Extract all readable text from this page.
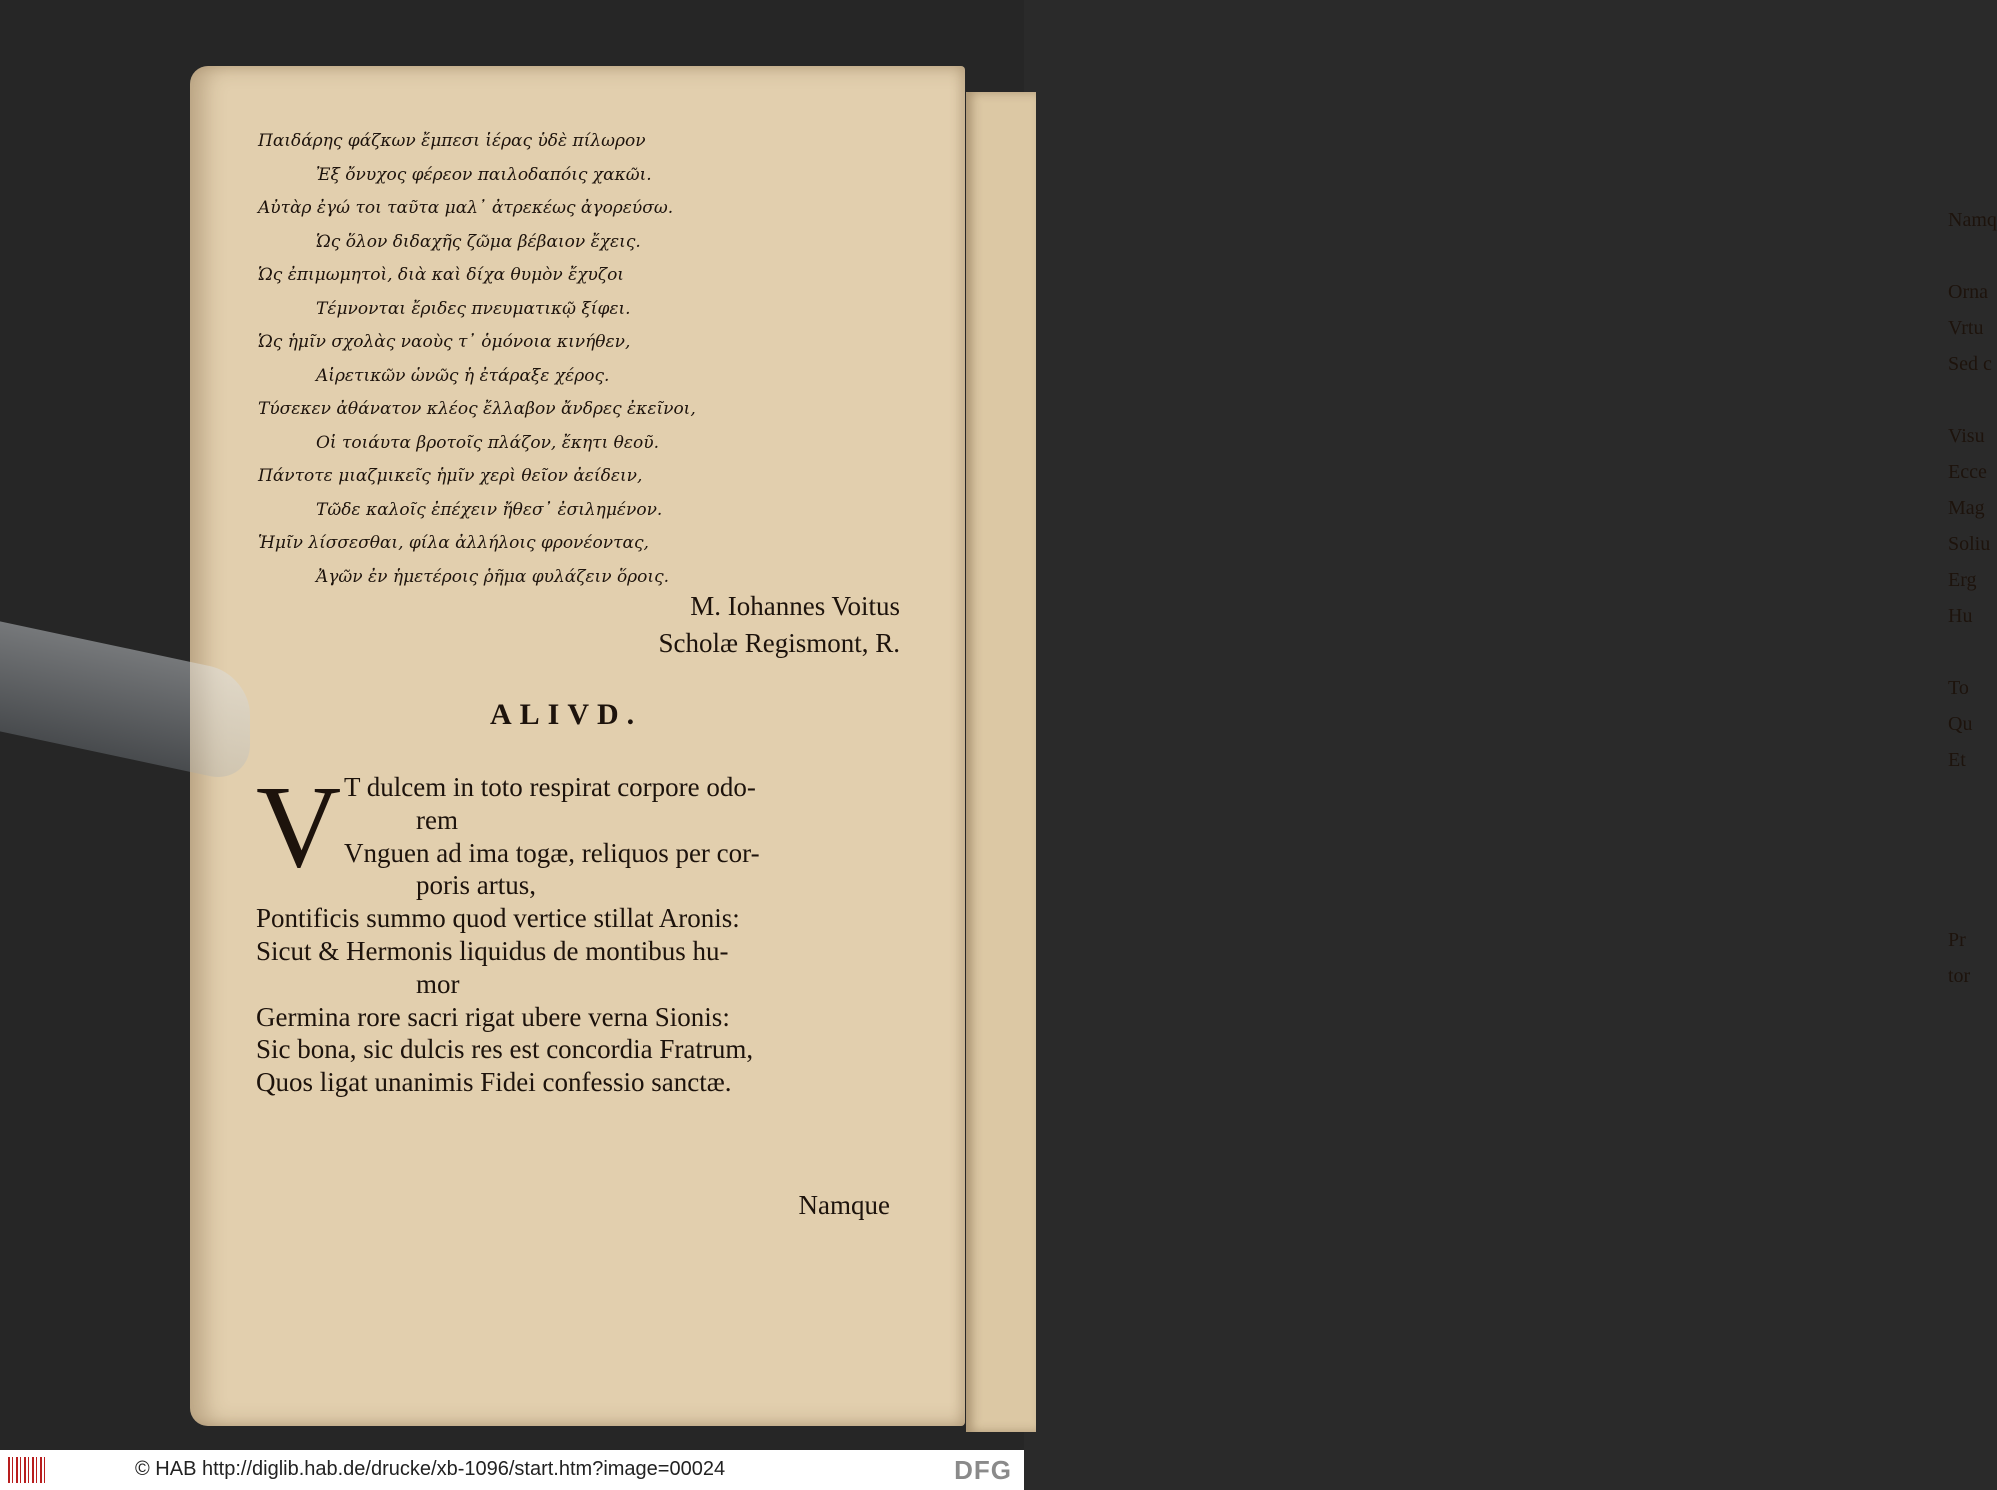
Namq
Orna
Vrtu
Sed c
Visu
Ecce
Mag
Soliu
Erg
Hu
To
Qu
Et
Pr
tor
Παιδάρης φάζκων ἔμπεσι ἱέρας ὑδὲ πίλωρον
Ἐξ ὄνυχος φέρεον παιλοδαπόις χακῶι.
Αὐτὰρ ἐγώ τοι ταῦτα μαλ᾽ ἀτρεκέως ἀγορεύσω.
Ὡς ὅλον διδαχῆς ζῶμα βέβαιον ἔχεις.
Ὡς ἐπιμωμητοὶ, διὰ καὶ δίχα θυμὸν ἔχυζοι
Τέμνονται ἔριδες πνευματικῷ ξίφει.
Ὡς ἡμῖν σχολὰς ναοὺς τ᾽ ὁμόνοια κινήθεν,
Αἱρετικῶν ὡνῶς ἡ ἐτάραξε χέρος.
Τύσεκεν ἀθάνατον κλέος ἔλλαβον ἄνδρες ἐκεῖνοι,
Οἱ τοιάυτα βροτοῖς πλάζον, ἔκητι θεοῦ.
Πάντοτε μιαζμικεῖς ἡμῖν χερὶ θεῖον ἀείδειν,
Τῶδε καλοῖς ἐπέχειν ἤθεσ᾽ ἐσιλημένον.
Ἡμῖν λίσσεσθαι, φίλα ἀλλήλοις φρονέοντας,
Ἀγῶν ἐν ἡμετέροις ῥῆμα φυλάζειν ὅροις.
M. Iohannes Voitus
Scholæ Regismont, R.
ALIVD.
V T dulcem in toto respirat corpore odo-
rem
Vnguen ad ima togæ, reliquos per cor-
poris artus,
Pontificis summo quod vertice stillat Aronis:
Sicut & Hermonis liquidus de montibus hu-
mor
Germina rore sacri rigat ubere verna Sionis:
Sic bona, sic dulcis res est concordia Fratrum,
Quos ligat unanimis Fidei confessio sanctæ.
Namque
© HAB http://diglib.hab.de/drucke/xb-1096/start.htm?image=00024	DFG
